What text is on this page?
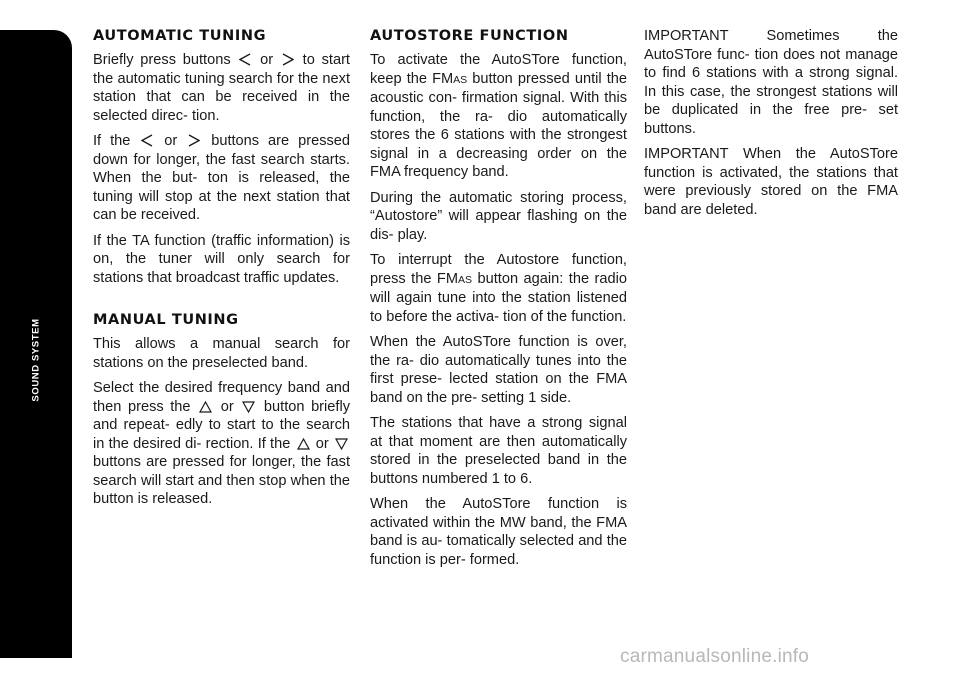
SOUND SYSTEM
270
AUTOMATIC TUNING

Briefly press buttons or to start the automatic tuning search for the next station that can be received in the selected direc- tion.

If the or buttons are pressed down for longer, the fast search starts. When the but- ton is released, the tuning will stop at the next station that can be received.

If the TA function (traffic information) is on, the tuner will only search for stations that broadcast traffic updates.

MANUAL TUNING

This allows a manual search for stations on the preselected band.

Select the desired frequency band and then press the or button briefly and repeat- edly to start to the search in the desired di- rection. If the or
buttons are pressed for longer, the fast search will start and then stop when the button is released.

AUTOSTORE FUNCTION

To activate the AutoSTore function, keep the FMAS button pressed until the acoustic con- firmation signal. With this function, the ra- dio automatically stores the 6 stations with the strongest signal in a decreasing order on the FMA frequency band.

During the automatic storing process, “Autostore” will appear flashing on the dis- play.

To interrupt the Autostore function, press the FMAS button again: the radio will again tune into the station listened to before the activa- tion of the function.

When the AutoSTore function is over, the ra- dio automatically tunes into the first prese- lected station on the FMA band on the pre- setting 1 side.

The stations that have a strong signal at that moment are then automatically stored in the preselected band in the buttons numbered 1 to 6.

When the AutoSTore function is activated within the MW band, the FMA band is au- tomatically selected and the function is per- formed.

IMPORTANT Sometimes the AutoSTore func- tion does not manage to find 6 stations with a strong signal. In this case, the strongest stations will be duplicated in the free pre- set buttons.

IMPORTANT When the AutoSTore function is activated, the stations that were previously stored on the FMA band are deleted.

carmanualsonline.info
